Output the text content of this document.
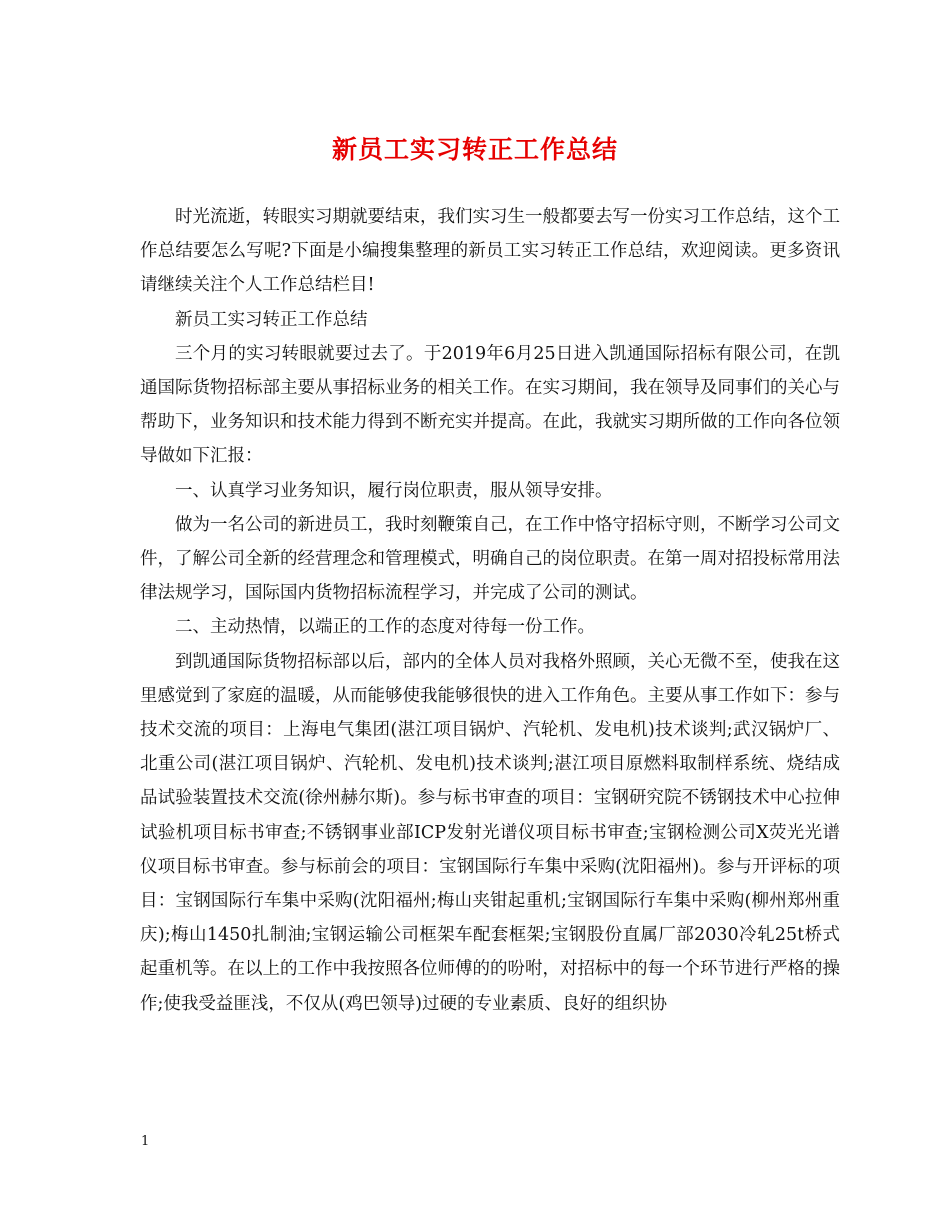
新员工实习转正工作总结

时光流逝，转眼实习期就要结束，我们实习生一般都要去写一份实习工作总结，这个工作总结要怎么写呢?下面是小编搜集整理的新员工实习转正工作总结，欢迎阅读。更多资讯请继续关注个人工作总结栏目!

新员工实习转正工作总结

三个月的实习转眼就要过去了。于2019年6月25日进入凯通国际招标有限公司，在凯通国际货物招标部主要从事招标业务的相关工作。在实习期间，我在领导及同事们的关心与帮助下，业务知识和技术能力得到不断充实并提高。在此，我就实习期所做的工作向各位领导做如下汇报：

一、认真学习业务知识，履行岗位职责，服从领导安排。

做为一名公司的新进员工，我时刻鞭策自己，在工作中恪守招标守则，不断学习公司文件，了解公司全新的经营理念和管理模式，明确自己的岗位职责。在第一周对招投标常用法律法规学习，国际国内货物招标流程学习，并完成了公司的测试。

二、主动热情，以端正的工作的态度对待每一份工作。

到凯通国际货物招标部以后，部内的全体人员对我格外照顾，关心无微不至，使我在这里感觉到了家庭的温暖，从而能够使我能够很快的进入工作角色。主要从事工作如下：参与技术交流的项目：上海电气集团(湛江项目锅炉、汽轮机、发电机)技术谈判;武汉锅炉厂、北重公司(湛江项目锅炉、汽轮机、发电机)技术谈判;湛江项目原燃料取制样系统、烧结成品试验装置技术交流(徐州赫尔斯)。参与标书审查的项目：宝钢研究院不锈钢技术中心拉伸试验机项目标书审查;不锈钢事业部ICP发射光谱仪项目标书审查;宝钢检测公司X荧光光谱仪项目标书审查。参与标前会的项目：宝钢国际行车集中采购(沈阳福州)。参与开评标的项目：宝钢国际行车集中采购(沈阳福州;梅山夹钳起重机;宝钢国际行车集中采购(柳州郑州重庆);梅山1450扎制油;宝钢运输公司框架车配套框架;宝钢股份直属厂部2030冷轧25t桥式起重机等。在以上的工作中我按照各位师傅的的吩咐，对招标中的每一个环节进行严格的操作;使我受益匪浅，不仅从(鸡巴领导)过硬的专业素质、良好的组织协

1
